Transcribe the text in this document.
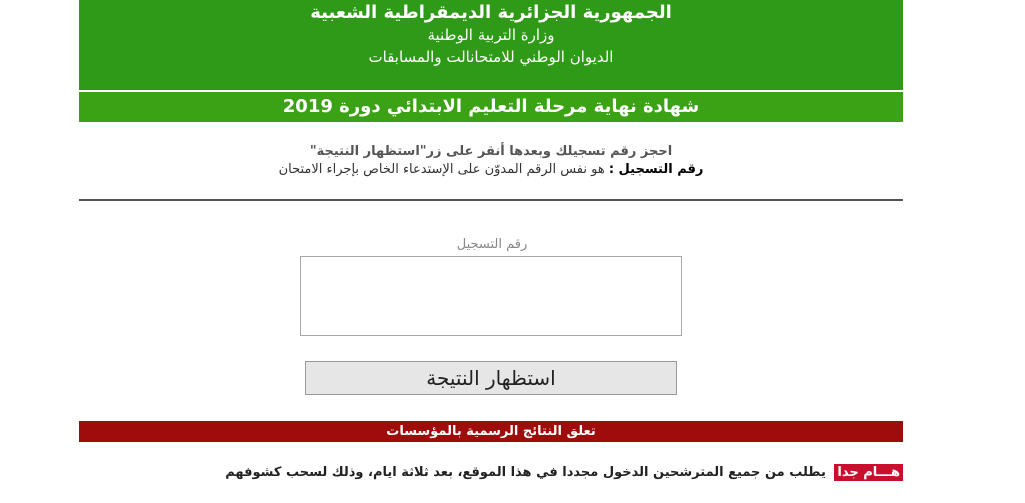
الجمهورية الجزائرية الديمقراطية الشعبية
وزارة التربية الوطنية
الديوان الوطني للامتحانالت والمسابقات
شهادة نهاية مرحلة التعليم الابتدائي دورة 2019
احجز رقم تسجيلك وبعدها أنقر على زر"استظهار النتيجة"
رقم التسجيل : هو نفس الرقم المدوّن على الإستدعاء الخاص بإجراء الامتحان
رقم التسجيل
استظهار النتيجة
تعلق النتائج الرسمية بالمؤسسات
هـــام جدا يطلب من جميع المترشحين الدخول مجددا في هذا الموقع، بعد ثلاثة ايام، وذلك لسحب كشوفهم
